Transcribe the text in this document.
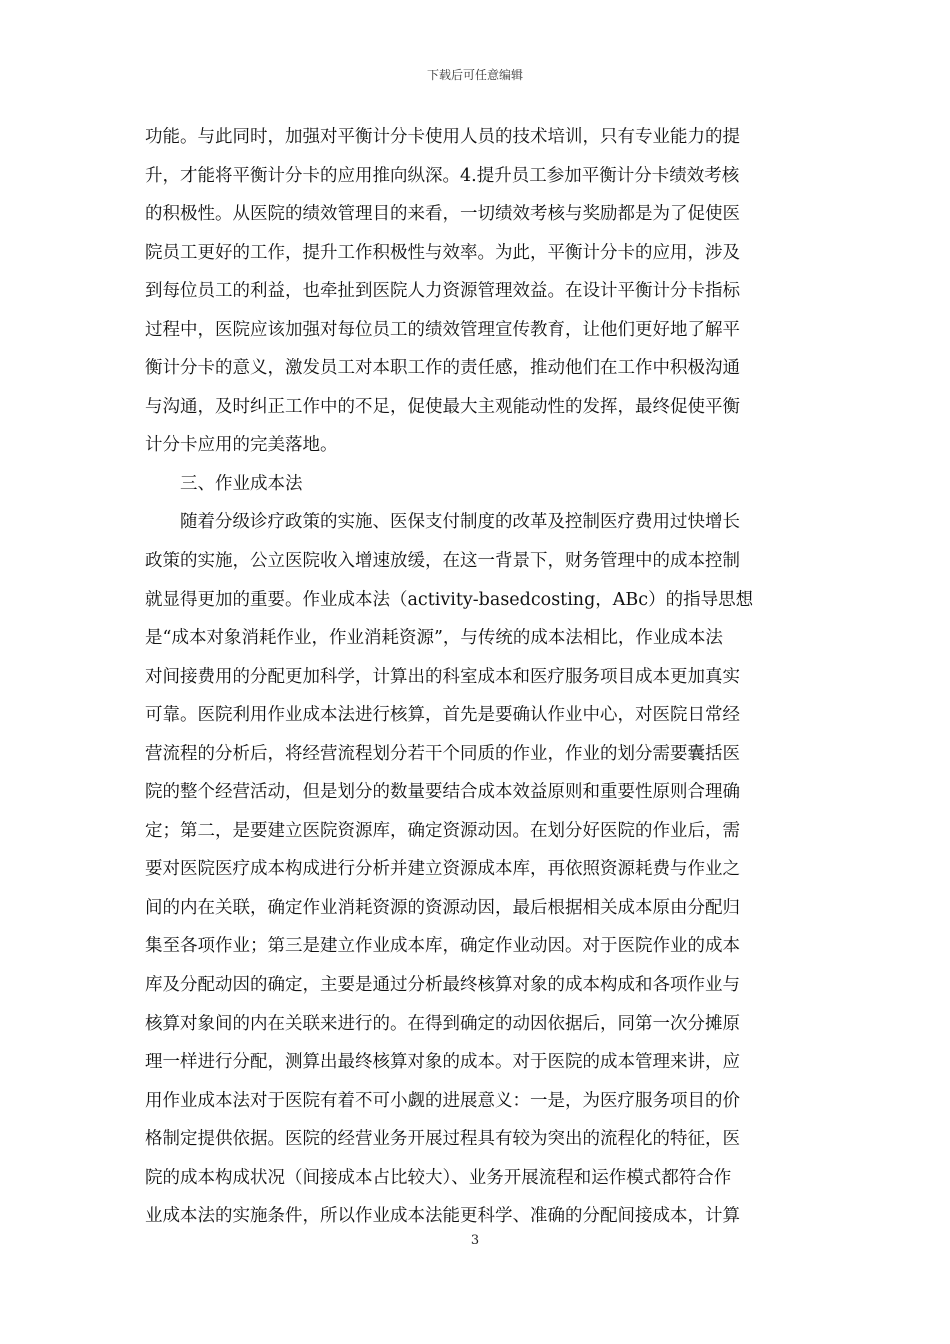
下载后可任意编辑
功能。与此同时，加强对平衡计分卡使用人员的技术培训，只有专业能力的提
升，才能将平衡计分卡的应用推向纵深。4.提升员工参加平衡计分卡绩效考核
的积极性。从医院的绩效管理目的来看，一切绩效考核与奖励都是为了促使医
院员工更好的工作，提升工作积极性与效率。为此，平衡计分卡的应用，涉及
到每位员工的利益，也牵扯到医院人力资源管理效益。在设计平衡计分卡指标
过程中，医院应该加强对每位员工的绩效管理宣传教育，让他们更好地了解平
衡计分卡的意义，激发员工对本职工作的责任感，推动他们在工作中积极沟通
与沟通，及时纠正工作中的不足，促使最大主观能动性的发挥，最终促使平衡
计分卡应用的完美落地。
三、作业成本法
随着分级诊疗政策的实施、医保支付制度的改革及控制医疗费用过快增长
政策的实施，公立医院收入增速放缓，在这一背景下，财务管理中的成本控制
就显得更加的重要。作业成本法（activity-basedcosting，ABc）的指导思想
是“成本对象消耗作业，作业消耗资源”，与传统的成本法相比，作业成本法
对间接费用的分配更加科学，计算出的科室成本和医疗服务项目成本更加真实
可靠。医院利用作业成本法进行核算，首先是要确认作业中心，对医院日常经
营流程的分析后，将经营流程划分若干个同质的作业，作业的划分需要囊括医
院的整个经营活动，但是划分的数量要结合成本效益原则和重要性原则合理确
定；第二，是要建立医院资源库，确定资源动因。在划分好医院的作业后，需
要对医院医疗成本构成进行分析并建立资源成本库，再依照资源耗费与作业之
间的内在关联，确定作业消耗资源的资源动因，最后根据相关成本原由分配归
集至各项作业；第三是建立作业成本库，确定作业动因。对于医院作业的成本
库及分配动因的确定，主要是通过分析最终核算对象的成本构成和各项作业与
核算对象间的内在关联来进行的。在得到确定的动因依据后，同第一次分摊原
理一样进行分配，测算出最终核算对象的成本。对于医院的成本管理来讲，应
用作业成本法对于医院有着不可小觑的进展意义：一是，为医疗服务项目的价
格制定提供依据。医院的经营业务开展过程具有较为突出的流程化的特征，医
院的成本构成状况（间接成本占比较大）、业务开展流程和运作模式都符合作
业成本法的实施条件，所以作业成本法能更科学、准确的分配间接成本，计算
3
